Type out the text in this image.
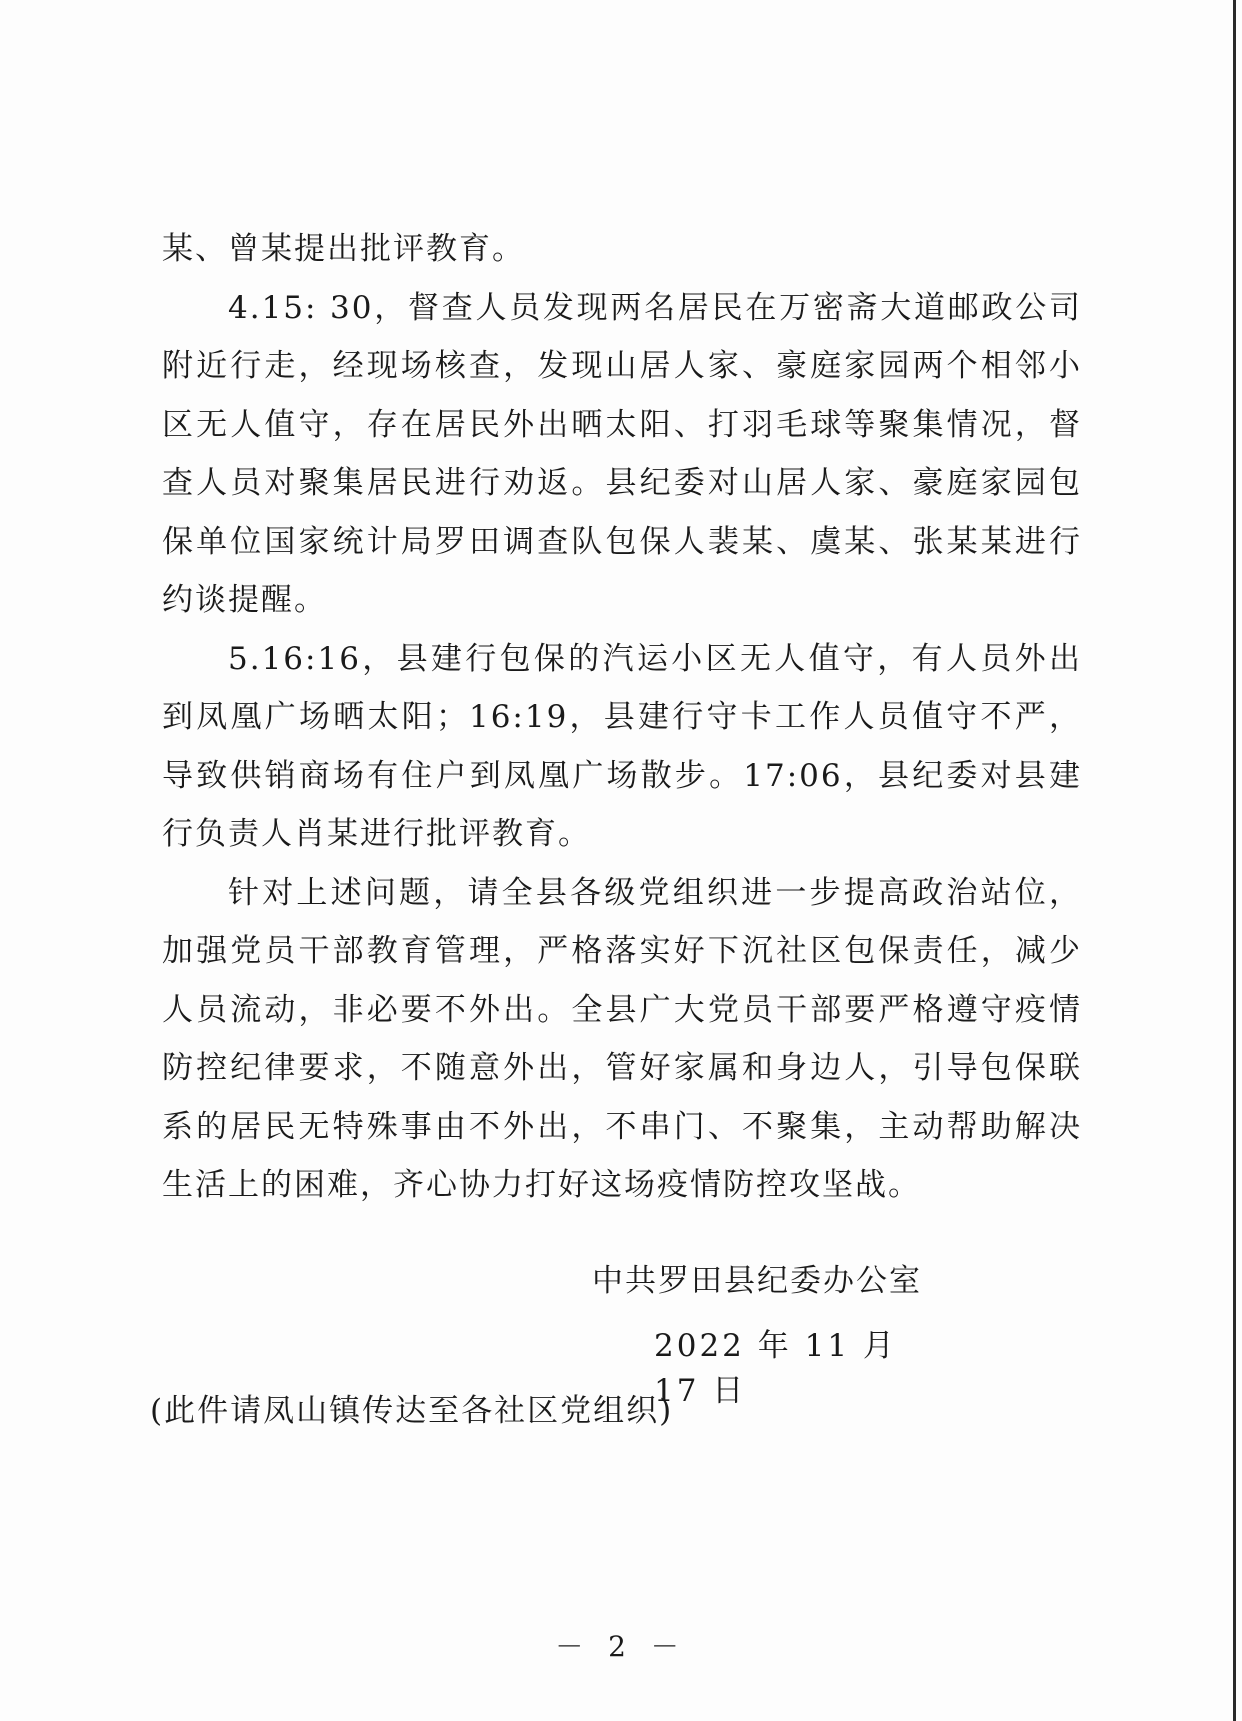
某、曾某提出批评教育。

4.15: 30，督查人员发现两名居民在万密斋大道邮政公司附近行走，经现场核查，发现山居人家、豪庭家园两个相邻小区无人值守，存在居民外出晒太阳、打羽毛球等聚集情况，督查人员对聚集居民进行劝返。县纪委对山居人家、豪庭家园包保单位国家统计局罗田调查队包保人裴某、虞某、张某某进行约谈提醒。

5.16:16，县建行包保的汽运小区无人值守，有人员外出到凤凰广场晒太阳；16:19，县建行守卡工作人员值守不严，导致供销商场有住户到凤凰广场散步。17:06，县纪委对县建行负责人肖某进行批评教育。

针对上述问题，请全县各级党组织进一步提高政治站位，加强党员干部教育管理，严格落实好下沉社区包保责任，减少人员流动，非必要不外出。全县广大党员干部要严格遵守疫情防控纪律要求，不随意外出，管好家属和身边人，引导包保联系的居民无特殊事由不外出，不串门、不聚集，主动帮助解决生活上的困难，齐心协力打好这场疫情防控攻坚战。

中共罗田县纪委办公室

2022 年 11 月 17 日

(此件请凤山镇传达至各社区党组织)
－ 2 －
